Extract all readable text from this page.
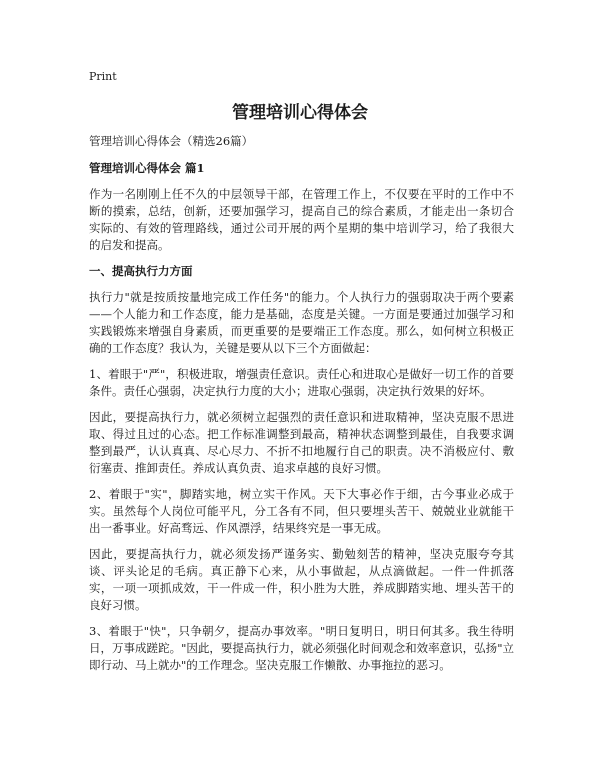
Print
管理培训心得体会

管理培训心得体会（精选26篇）

管理培训心得体会 篇1

作为一名刚刚上任不久的中层领导干部，在管理工作上，不仅要在平时的工作中不断的摸索，总结，创新，还要加强学习，提高自己的综合素质，才能走出一条切合实际的、有效的管理路线，通过公司开展的两个星期的集中培训学习，给了我很大的启发和提高。

一、提高执行力方面

执行力"就是按质按量地完成工作任务"的能力。个人执行力的强弱取决于两个要素——个人能力和工作态度，能力是基础，态度是关键。一方面是要通过加强学习和实践锻炼来增强自身素质，而更重要的是要端正工作态度。那么，如何树立积极正确的工作态度？我认为，关键是要从以下三个方面做起：

1、着眼于"严"，积极进取，增强责任意识。责任心和进取心是做好一切工作的首要条件。责任心强弱，决定执行力度的大小；进取心强弱，决定执行效果的好坏。

因此，要提高执行力，就必须树立起强烈的责任意识和进取精神，坚决克服不思进取、得过且过的心态。把工作标准调整到最高，精神状态调整到最佳，自我要求调整到最严，认认真真、尽心尽力、不折不扣地履行自己的职责。决不消极应付、敷衍塞责、推卸责任。养成认真负责、追求卓越的良好习惯。

2、着眼于"实"，脚踏实地，树立实干作风。天下大事必作于细，古今事业必成于实。虽然每个人岗位可能平凡，分工各有不同，但只要埋头苦干、兢兢业业就能干出一番事业。好高骛远、作风漂浮，结果终究是一事无成。

因此，要提高执行力，就必须发扬严谨务实、勤勉刻苦的精神，坚决克服夸夸其谈、评头论足的毛病。真正静下心来，从小事做起，从点滴做起。一件一件抓落实，一项一项抓成效，干一件成一件，积小胜为大胜，养成脚踏实地、埋头苦干的良好习惯。

3、着眼于"快"，只争朝夕，提高办事效率。"明日复明日，明日何其多。我生待明日，万事成蹉跎。"因此，要提高执行力，就必须强化时间观念和效率意识，弘扬"立即行动、马上就办"的工作理念。坚决克服工作懒散、办事拖拉的恶习。
